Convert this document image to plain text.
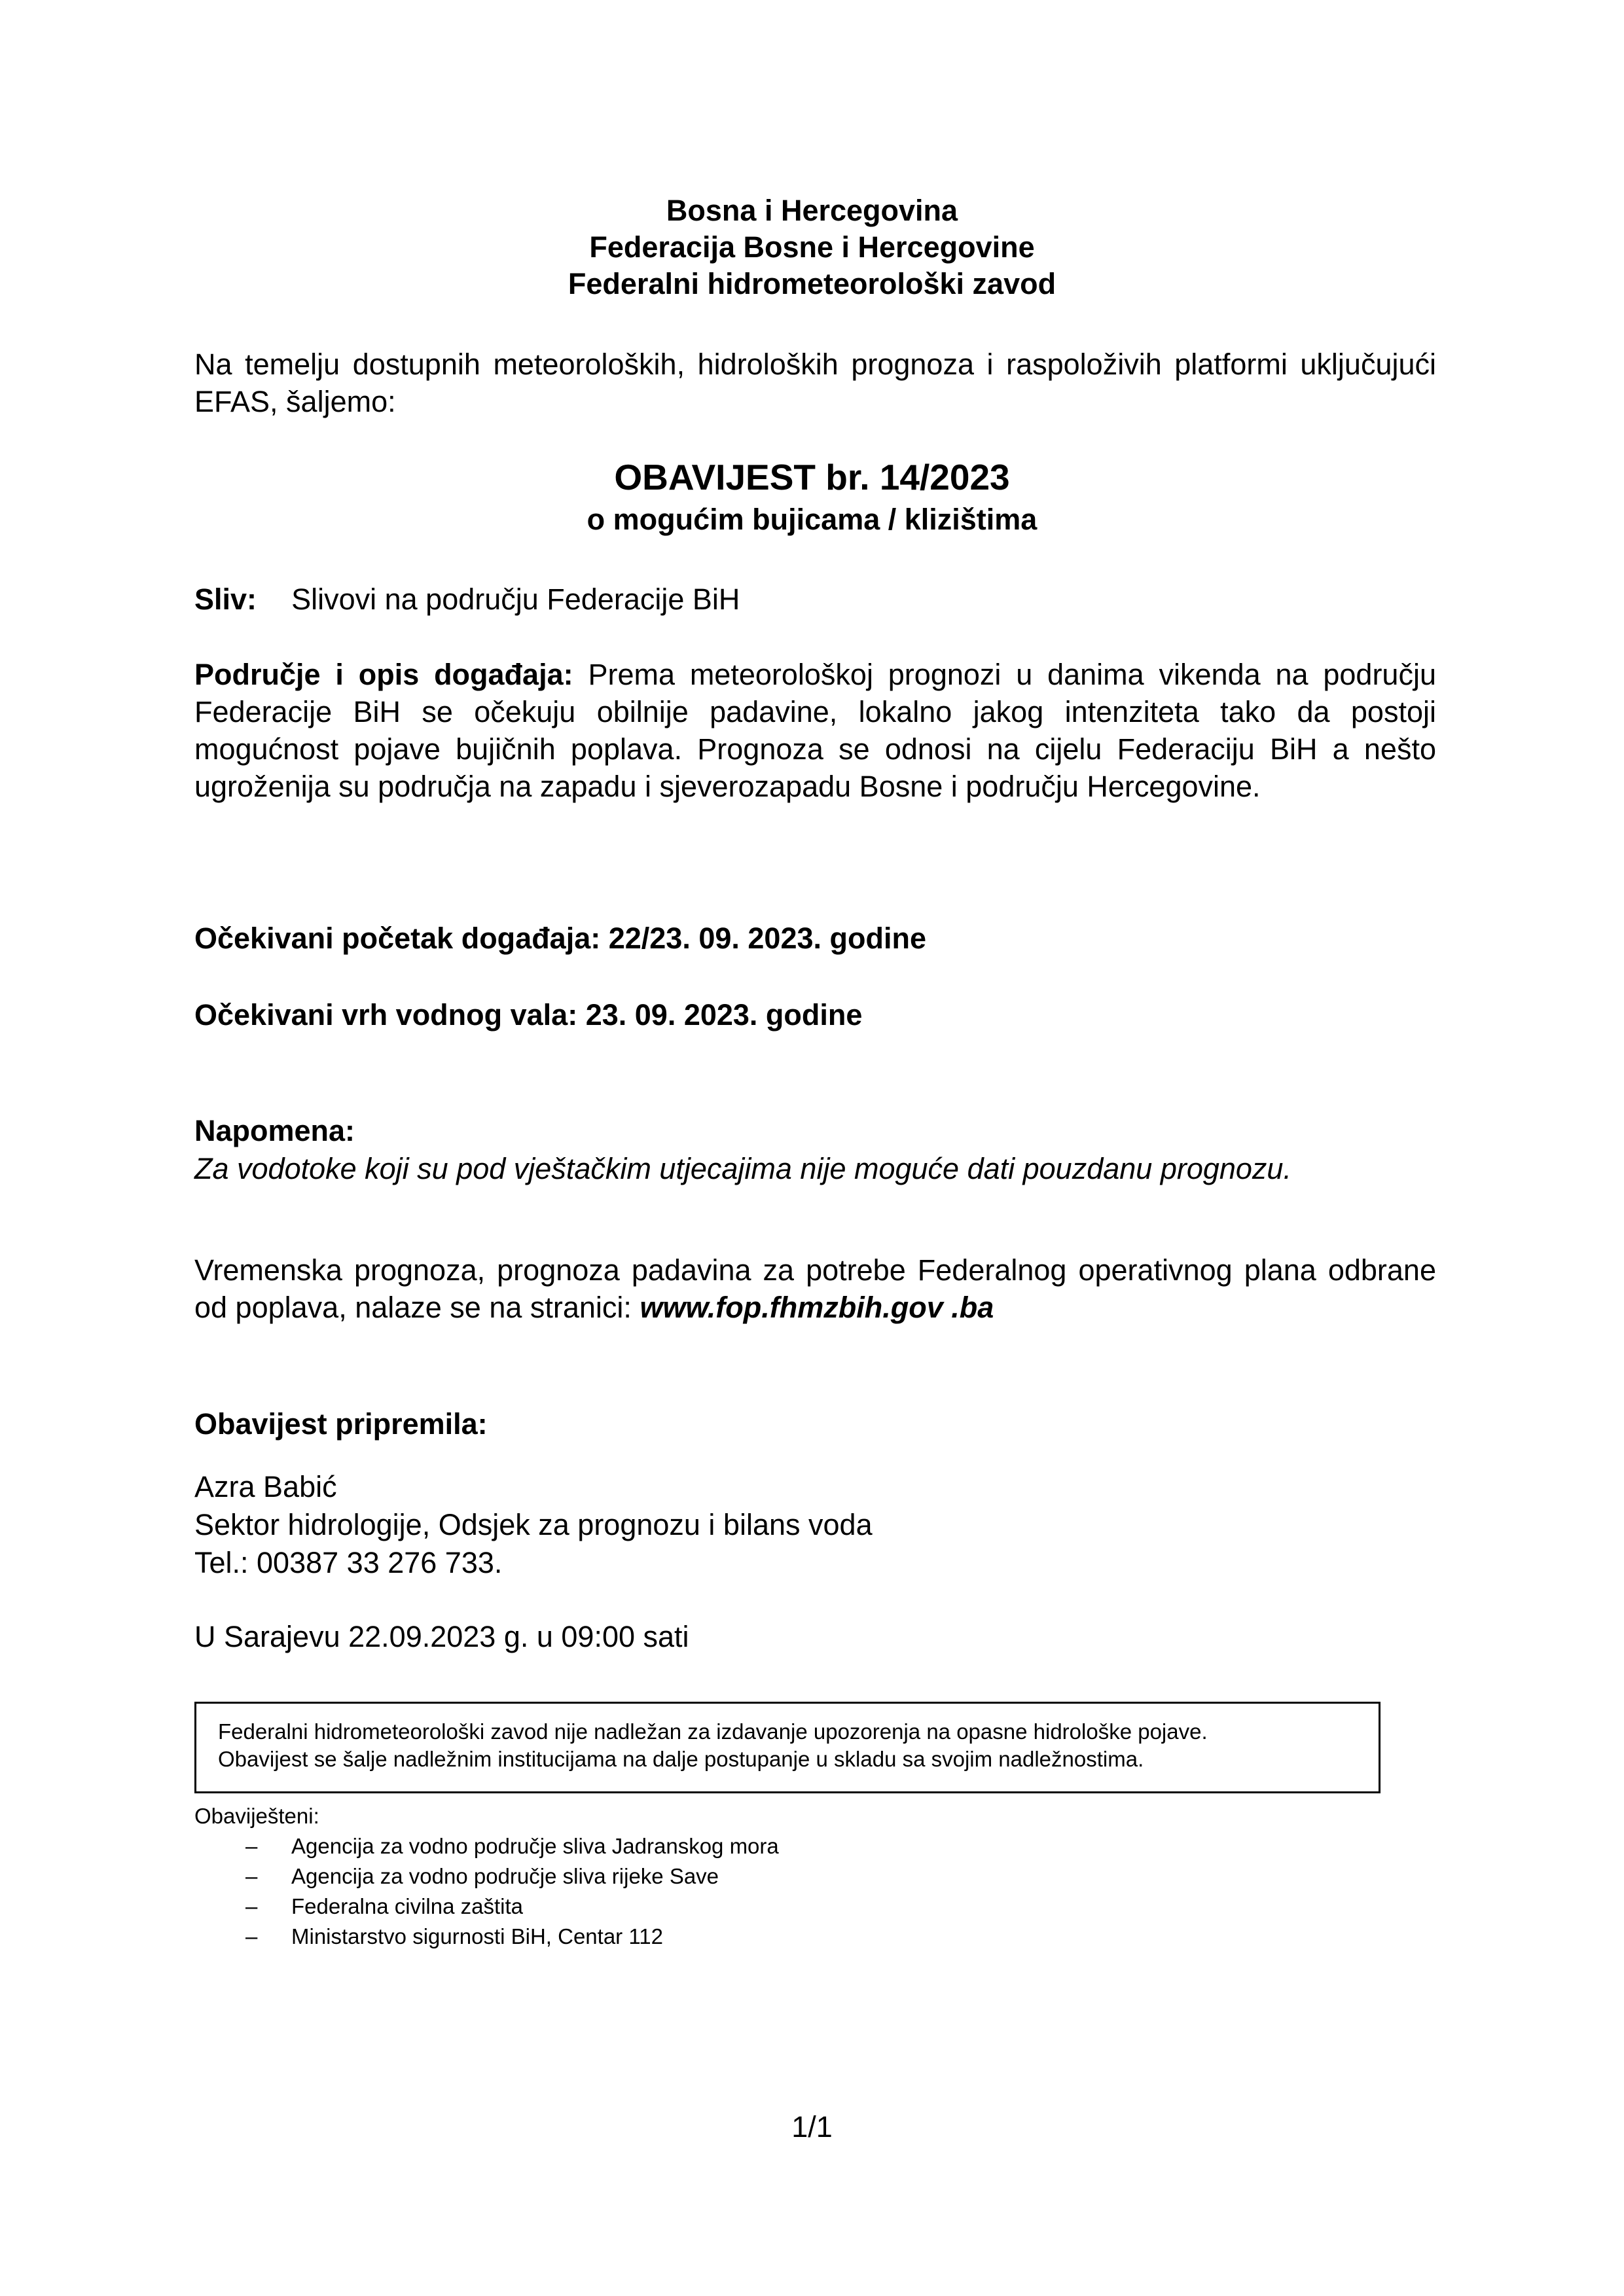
Bosna i Hercegovina
Federacija Bosne i Hercegovine
Federalni hidrometeorološki zavod
Na temelju dostupnih meteoroloških, hidroloških prognoza i raspoloživih platformi uključujući EFAS, šaljemo:
OBAVIJEST br. 14/2023
o mogućim bujicama / klizištima
Sliv: Slivovi na području Federacije BiH
Područje i opis događaja: Prema meteorološkoj prognozi u danima vikenda na području Federacije BiH se očekuju obilnije padavine, lokalno jakog intenziteta tako da postoji mogućnost pojave bujičnih poplava. Prognoza se odnosi na cijelu Federaciju BiH a nešto ugroženija su područja na zapadu i sjeverozapadu Bosne i području Hercegovine.
Očekivani početak događaja: 22/23. 09. 2023. godine
Očekivani vrh vodnog vala: 23. 09. 2023. godine
Napomena:
Za vodotoke koji su pod vještačkim utjecajima nije moguće dati pouzdanu prognozu.
Vremenska prognoza, prognoza padavina za potrebe Federalnog operativnog plana odbrane od poplava, nalaze se na stranici: www.fop.fhmzbih.gov .ba
Obavijest pripremila:
Azra Babić
Sektor hidrologije, Odsjek za prognozu i bilans voda
Tel.: 00387 33 276 733.
U Sarajevu 22.09.2023 g. u 09:00 sati
Federalni hidrometeorološki zavod nije nadležan za izdavanje upozorenja na opasne hidrološke pojave.
Obavijest se šalje nadležnim institucijama na dalje postupanje u skladu sa svojim nadležnostima.
Obaviješteni:
– Agencija za vodno područje sliva Jadranskog mora
– Agencija za vodno područje sliva rijeke Save
– Federalna civilna zaštita
– Ministarstvo sigurnosti BiH, Centar 112
1/1
